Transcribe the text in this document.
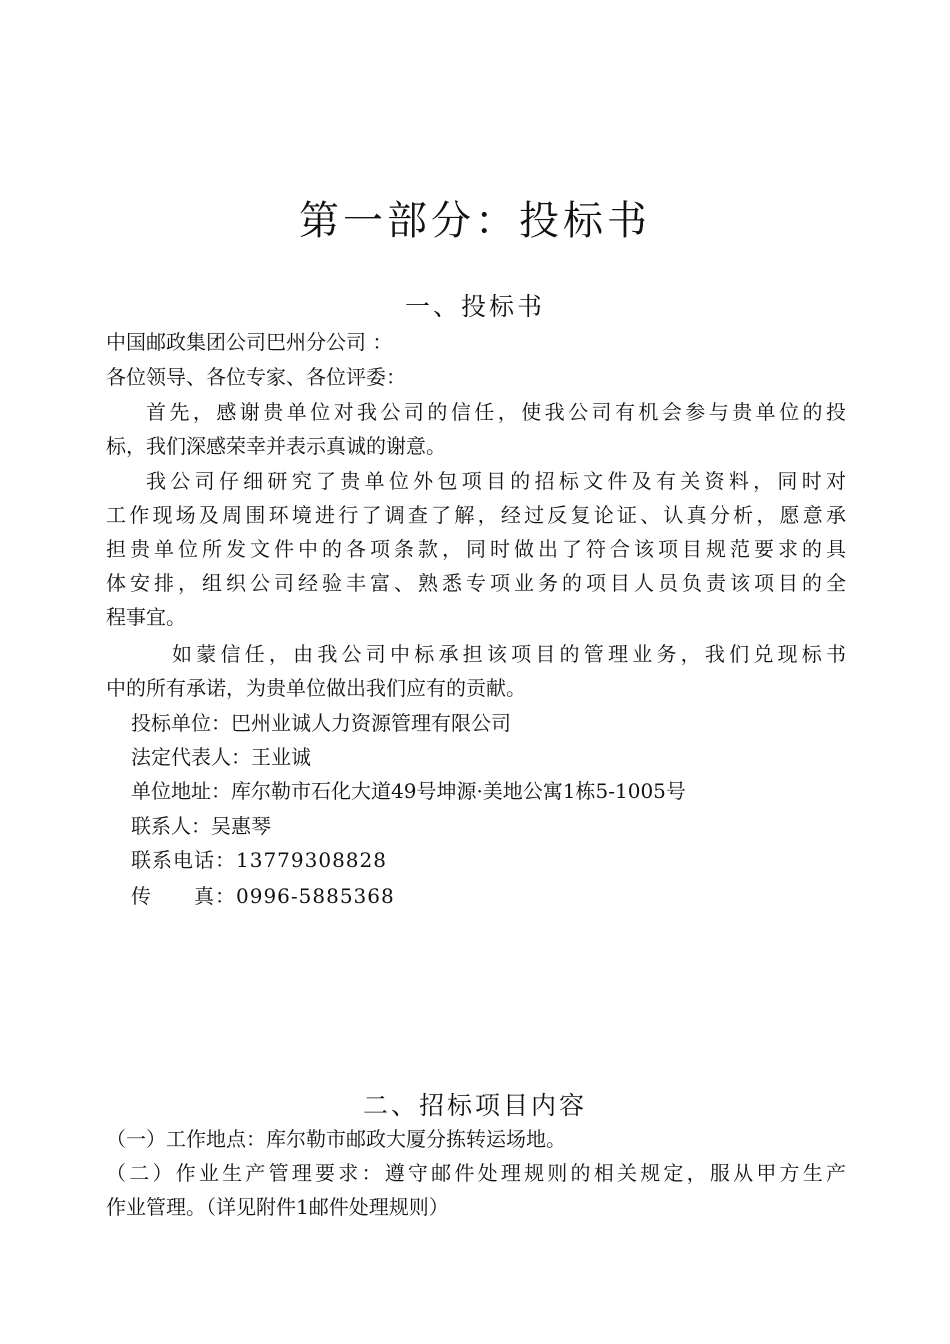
第一部分：投标书
一、投标书
中国邮政集团公司巴州分公司 ：
各位领导、各位专家、各位评委：
首先，感谢贵单位对我公司的信任，使我公司有机会参与贵单位的投
标，我们深感荣幸并表示真诚的谢意。
我公司仔细研究了贵单位外包项目的招标文件及有关资料，同时对
工作现场及周围环境进行了调查了解，经过反复论证、认真分析，愿意承
担贵单位所发文件中的各项条款，同时做出了符合该项目规范要求的具
体安排，组织公司经验丰富、熟悉专项业务的项目人员负责该项目的全
程事宜。
如蒙信任，由我公司中标承担该项目的管理业务，我们兑现标书
中的所有承诺，为贵单位做出我们应有的贡献。
投标单位：巴州业诚人力资源管理有限公司
法定代表人：王业诚
单位地址：库尔勒市石化大道49号坤源·美地公寓1栋5-1005号
联系人：吴惠琴
联系电话：13779308828
传　　真：0996-5885368
二、招标项目内容
（一）工作地点：库尔勒市邮政大厦分拣转运场地。
（二）作业生产管理要求：遵守邮件处理规则的相关规定，服从甲方生产
作业管理。（详见附件1邮件处理规则）
